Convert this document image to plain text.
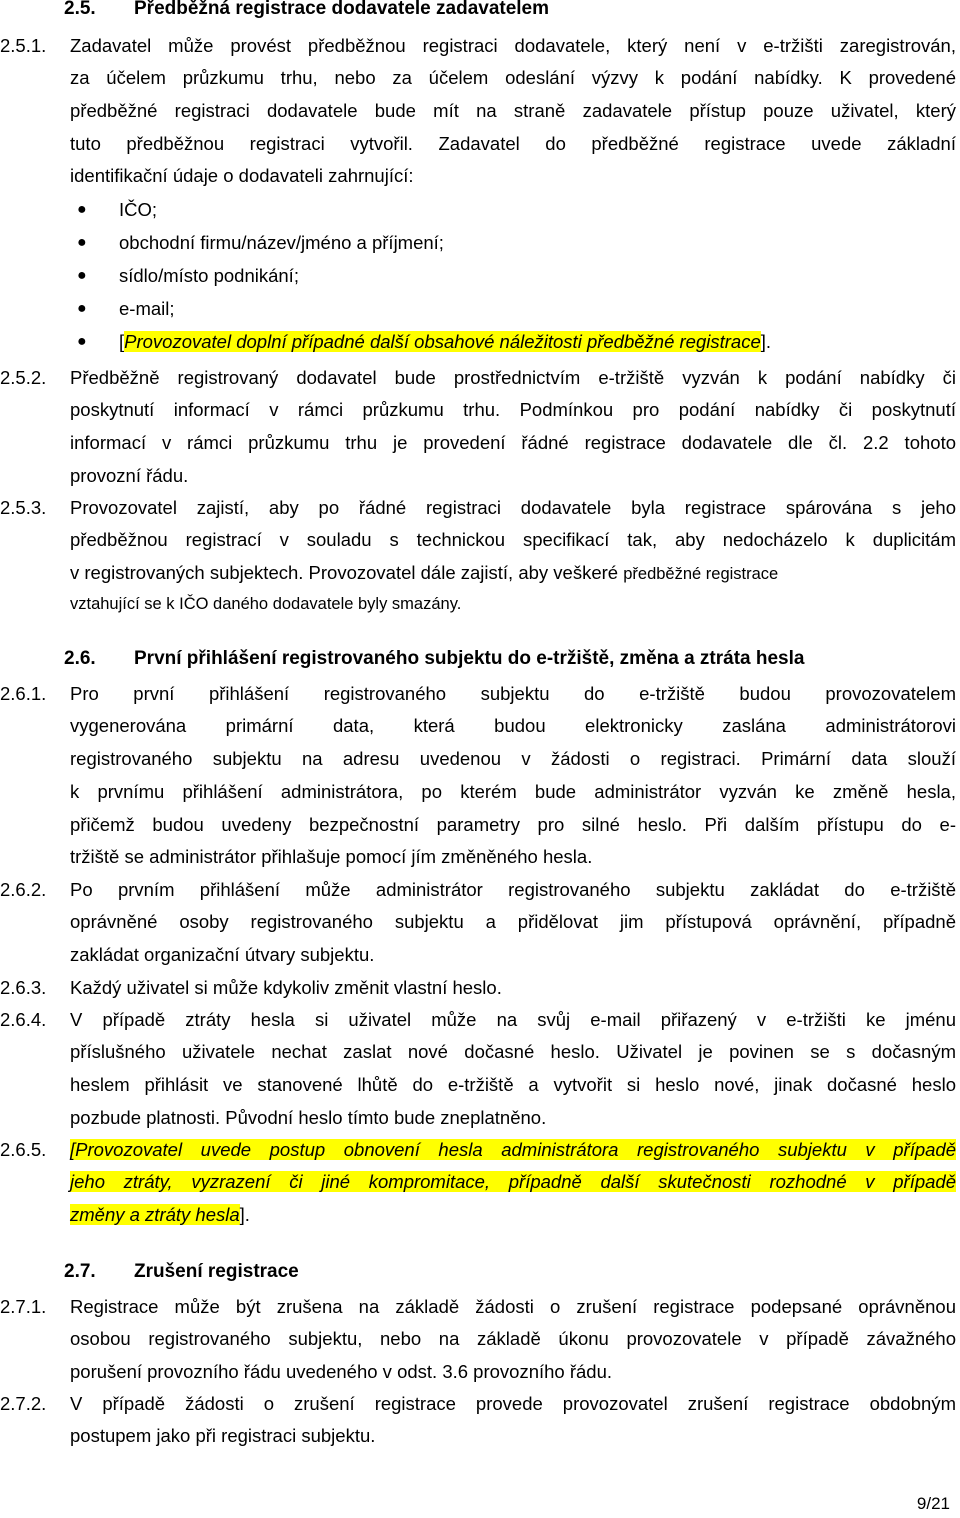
2.5. Předběžná registrace dodavatele zadavatelem
2.5.1. Zadavatel může provést předběžnou registraci dodavatele, který není v e-tržišti zaregistrován,
za účelem průzkumu trhu, nebo za účelem odeslání výzvy k podání nabídky. K provedené
předběžné registraci dodavatele bude mít na straně zadavatele přístup pouze uživatel, který
tuto předběžnou registraci vytvořil. Zadavatel do předběžné registrace uvede základní
identifikační údaje o dodavateli zahrnující:
● IČO;
● obchodní firmu/název/jméno a příjmení;
● sídlo/místo podnikání;
● e-mail;
● [Provozovatel doplní případné další obsahové náležitosti předběžné registrace].
2.5.2. Předběžně registrovaný dodavatel bude prostřednictvím e-tržiště vyzván k podání nabídky či
poskytnutí informací v rámci průzkumu trhu. Podmínkou pro podání nabídky či poskytnutí
informací v rámci průzkumu trhu je provedení řádné registrace dodavatele dle čl. 2.2 tohoto
provozní řádu.
2.5.3. Provozovatel zajistí, aby po řádné registraci dodavatele byla registrace spárována s jeho
předběžnou registrací v souladu s technickou specifikací tak, aby nedocházelo k duplicitám
v registrovaných subjektech. Provozovatel dále zajistí, aby veškeré předběžné registrace
vztahující se k IČO daného dodavatele byly smazány.
2.6. První přihlášení registrovaného subjektu do e-tržiště, změna a ztráta hesla
2.6.1. Pro první přihlášení registrovaného subjektu do e-tržiště budou provozovatelem
vygenerována primární data, která budou elektronicky zaslána administrátorovi
registrovaného subjektu na adresu uvedenou v žádosti o registraci. Primární data slouží
k prvnímu přihlášení administrátora, po kterém bude administrátor vyzván ke změně hesla,
přičemž budou uvedeny bezpečnostní parametry pro silné heslo. Při dalším přístupu do e-
tržiště se administrátor přihlašuje pomocí jím změněného hesla.
2.6.2. Po prvním přihlášení může administrátor registrovaného subjektu zakládat do e-tržiště
oprávněné osoby registrovaného subjektu a přidělovat jim přístupová oprávnění, případně
zakládat organizační útvary subjektu.
2.6.3. Každý uživatel si může kdykoliv změnit vlastní heslo.
2.6.4. V případě ztráty hesla si uživatel může na svůj e-mail přiřazený v e-tržišti ke jménu
příslušného uživatele nechat zaslat nové dočasné heslo. Uživatel je povinen se s dočasným
heslem přihlásit ve stanovené lhůtě do e-tržiště a vytvořit si heslo nové, jinak dočasné heslo
pozbude platnosti. Původní heslo tímto bude zneplatněno.
2.6.5. [Provozovatel uvede postup obnovení hesla administrátora registrovaného subjektu v případě
jeho ztráty, vyzrazení či jiné kompromitace, případně další skutečnosti rozhodné v případě
změny a ztráty hesla].
2.7. Zrušení registrace
2.7.1. Registrace může být zrušena na základě žádosti o zrušení registrace podepsané oprávněnou
osobou registrovaného subjektu, nebo na základě úkonu provozovatele v případě závažného
porušení provozního řádu uvedeného v odst. 3.6 provozního řádu.
2.7.2. V případě žádosti o zrušení registrace provede provozovatel zrušení registrace obdobným
postupem jako při registraci subjektu.
9/21
